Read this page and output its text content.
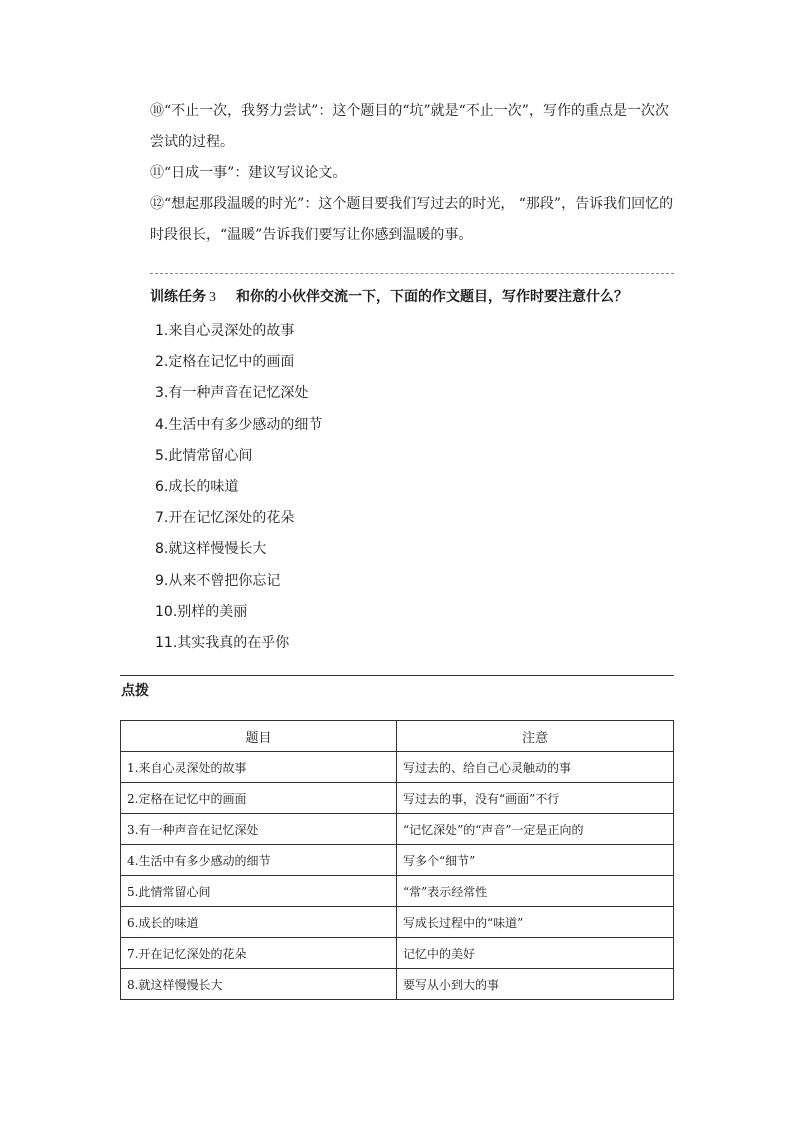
⑩“不止一次，我努力尝试”：这个题目的“坑”就是“不止一次”，写作的重点是一次次尝试的过程。

⑪“日成一事”：建议写议论文。

⑫“想起那段温暖的时光”：这个题目要我们写过去的时光， “那段”，告诉我们回忆的时段很长，“温暖”告诉我们要写让你感到温暖的事。

训练任务 3 和你的小伙伴交流一下，下面的作文题目，写作时要注意什么？
1.来自心灵深处的故事
2.定格在记忆中的画面
3.有一种声音在记忆深处
4.生活中有多少感动的细节
5.此情常留心间
6.成长的味道
7.开在记忆深处的花朵
8.就这样慢慢长大
9.从来不曾把你忘记
10.别样的美丽
11.其实我真的在乎你
点拨
题目	注意
1.来自心灵深处的故事	写过去的、给自己心灵触动的事
2.定格在记忆中的画面	写过去的事，没有“画面”不行
3.有一种声音在记忆深处	“记忆深处”的“声音”一定是正向的
4.生活中有多少感动的细节	写多个“细节”
5.此情常留心间	“常”表示经常性
6.成长的味道	写成长过程中的“味道”
7.开在记忆深处的花朵	记忆中的美好
8.就这样慢慢长大	要写从小到大的事
